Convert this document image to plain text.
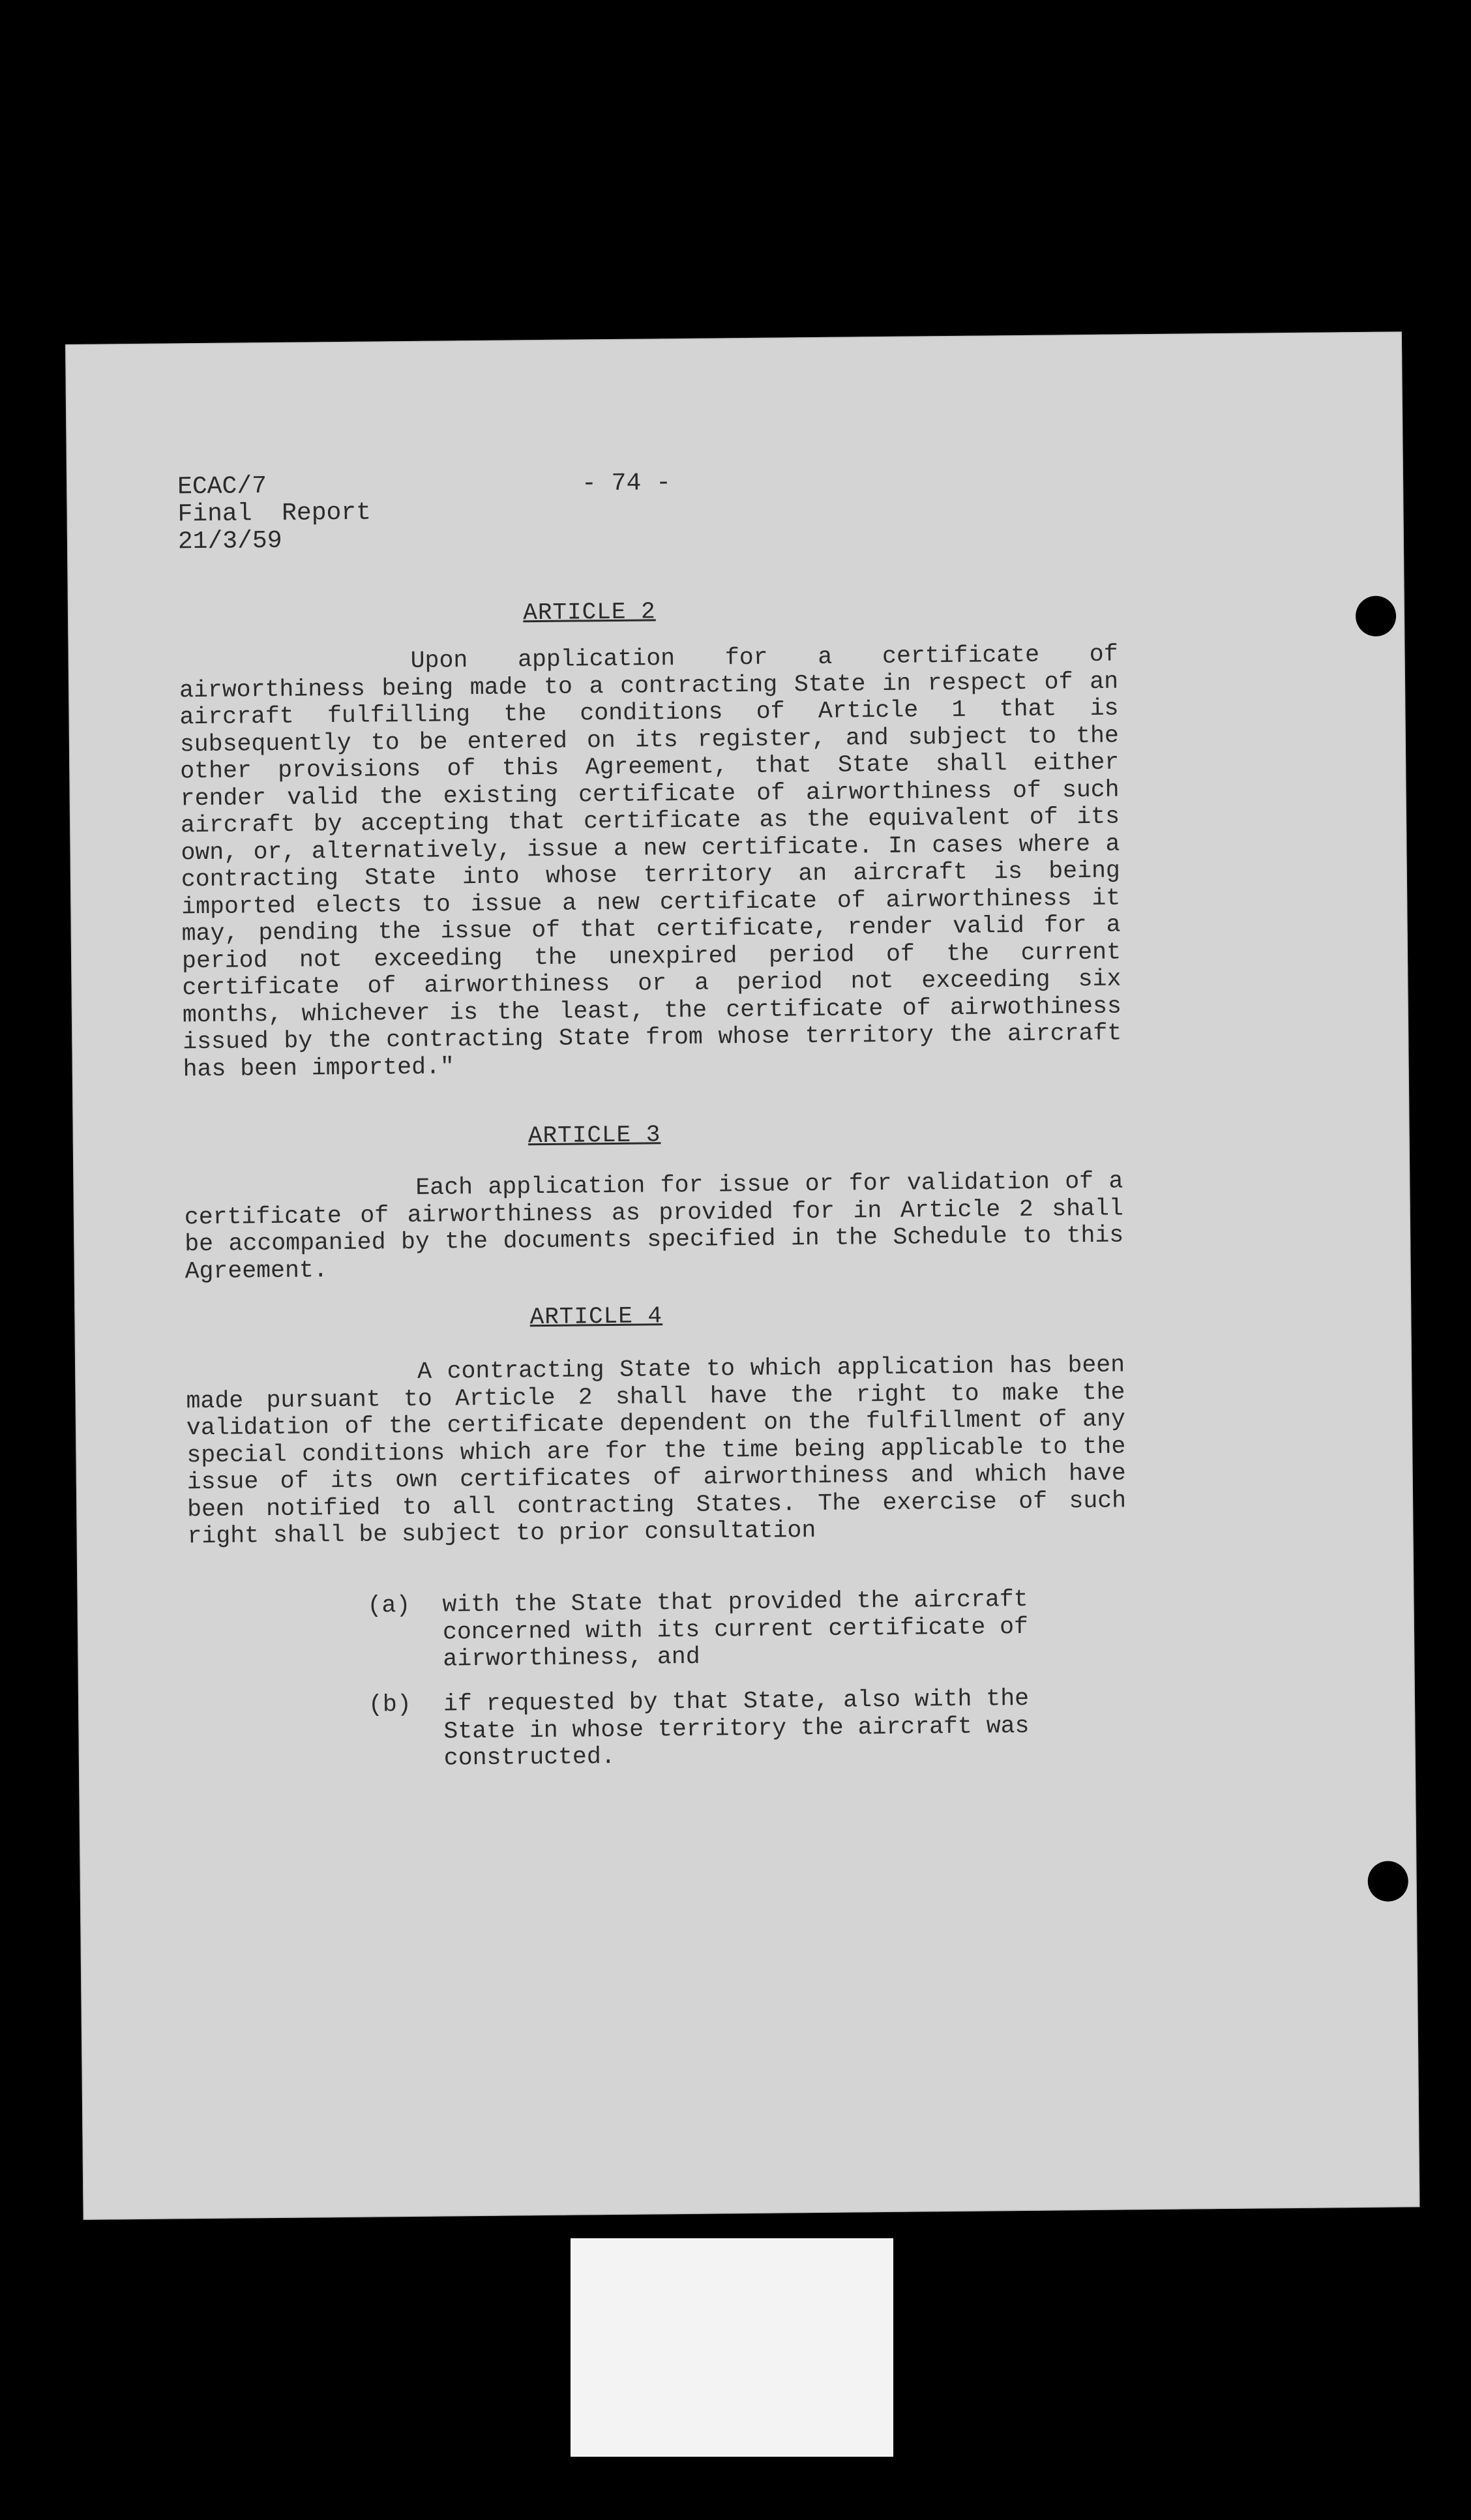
ECAC/7
Final  Report
21/3/59
- 74 -
ARTICLE 2
Upon application for a certificate of airworthiness being made to a contracting State in respect of an aircraft fulfilling the conditions of Article 1 that is subsequently to be entered on its register, and subject to the other provisions of this Agreement, that State shall either render valid the existing certificate of airworthiness of such aircraft by accepting that certificate as the equivalent of its own, or, alternatively, issue a new certificate. In cases where a contracting State into whose territory an aircraft is being imported elects to issue a new certificate of airworthiness it may, pending the issue of that certificate, render valid for a period not exceeding the unexpired period of the current certificate of airworthiness or a period not exceeding six months, whichever is the least, the certificate of airwothiness issued by the contracting State from whose territory the aircraft has been imported."
ARTICLE 3
Each application for issue or for validation of a certificate of airworthiness as provided for in Article 2 shall be accompanied by the documents specified in the Schedule to this Agreement.
ARTICLE 4
A contracting State to which application has been made pursuant to Article 2 shall have the right to make the validation of the certificate dependent on the fulfillment of any special conditions which are for the time being applicable to the issue of its own certificates of airworthiness and which have been notified to all contracting States. The exercise of such right shall be subject to prior consultation
(a) with the State that provided the aircraft concerned with its current certificate of airworthiness, and
(b) if requested by that State, also with the State in whose territory the aircraft was constructed.
